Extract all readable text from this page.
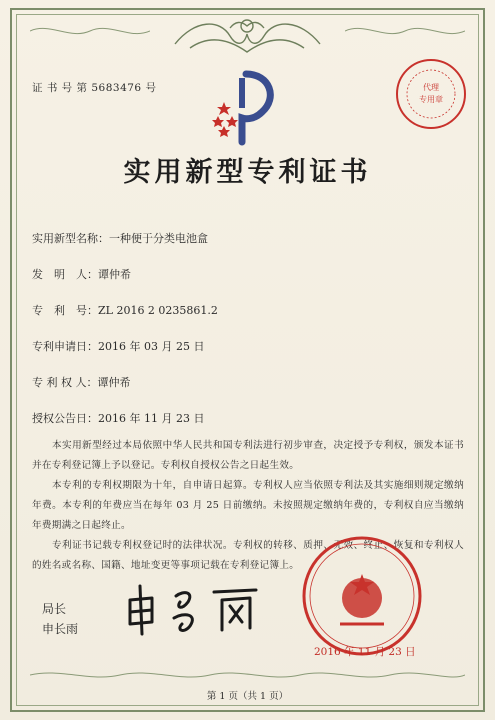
证 书 号 第 5683476 号	代理
专用章
实用新型专利证书
实用新型名称：一种便于分类电池盒
发　明　人：谭仲希
专　利　号：ZL 2016 2 0235861.2
专利申请日：2016 年 03 月 25 日
专 利 权 人：谭仲希
授权公告日：2016 年 11 月 23 日
本实用新型经过本局依照中华人民共和国专利法进行初步审查，决定授予专利权，颁发本证书并在专利登记簿上予以登记。专利权自授权公告之日起生效。
本专利的专利权期限为十年，自申请日起算。专利权人应当依照专利法及其实施细则规定缴纳年费。本专利的年费应当在每年 03 月 25 日前缴纳。未按照规定缴纳年费的，专利权自应当缴纳年费期满之日起终止。
专利证书记载专利权登记时的法律状况。专利权的转移、质押、无效、终止、恢复和专利权人的姓名或名称、国籍、地址变更等事项记载在专利登记簿上。
局长
申长雨
2016 年 11 月 23 日
第 1 页（共 1 页）
